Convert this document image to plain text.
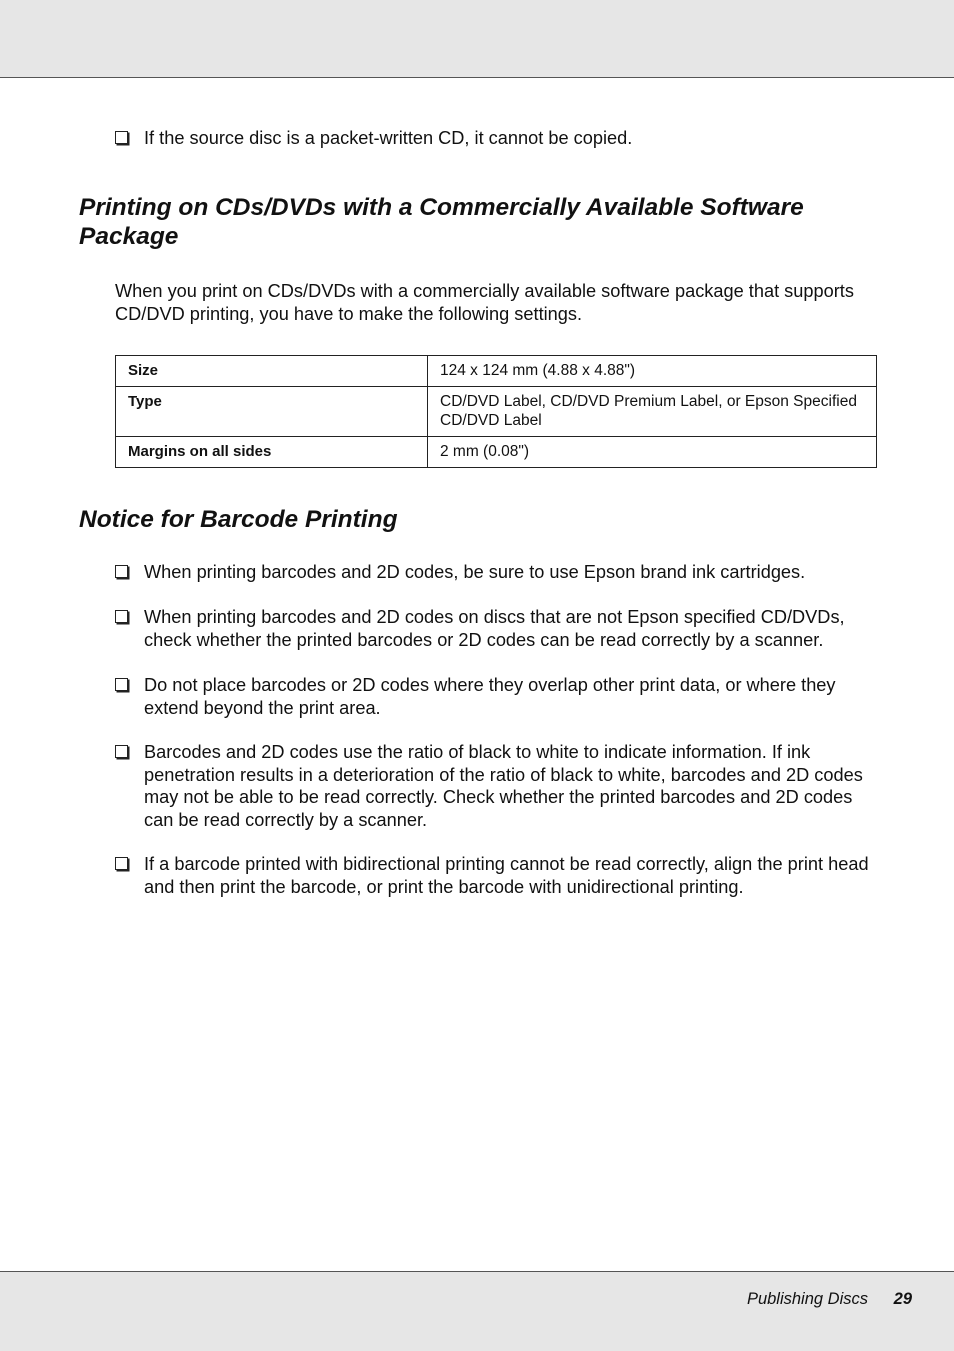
If the source disc is a packet-written CD, it cannot be copied.
Printing on CDs/DVDs with a Commercially Available Software Package
When you print on CDs/DVDs with a commercially available software package that supports CD/DVD printing, you have to make the following settings.
Size	124 x 124 mm (4.88 x 4.88")
Type	CD/DVD Label, CD/DVD Premium Label, or Epson Specified CD/DVD Label
Margins on all sides	2 mm (0.08")
Notice for Barcode Printing
When printing barcodes and 2D codes, be sure to use Epson brand ink cartridges.
When printing barcodes and 2D codes on discs that are not Epson specified CD/DVDs, check whether the printed barcodes or 2D codes can be read correctly by a scanner.
Do not place barcodes or 2D codes where they overlap other print data, or where they extend beyond the print area.
Barcodes and 2D codes use the ratio of black to white to indicate information. If ink penetration results in a deterioration of the ratio of black to white, barcodes and 2D codes may not be able to be read correctly. Check whether the printed barcodes and 2D codes can be read correctly by a scanner.
If a barcode printed with bidirectional printing cannot be read correctly, align the print head and then print the barcode, or print the barcode with unidirectional printing.
Publishing Discs 29
